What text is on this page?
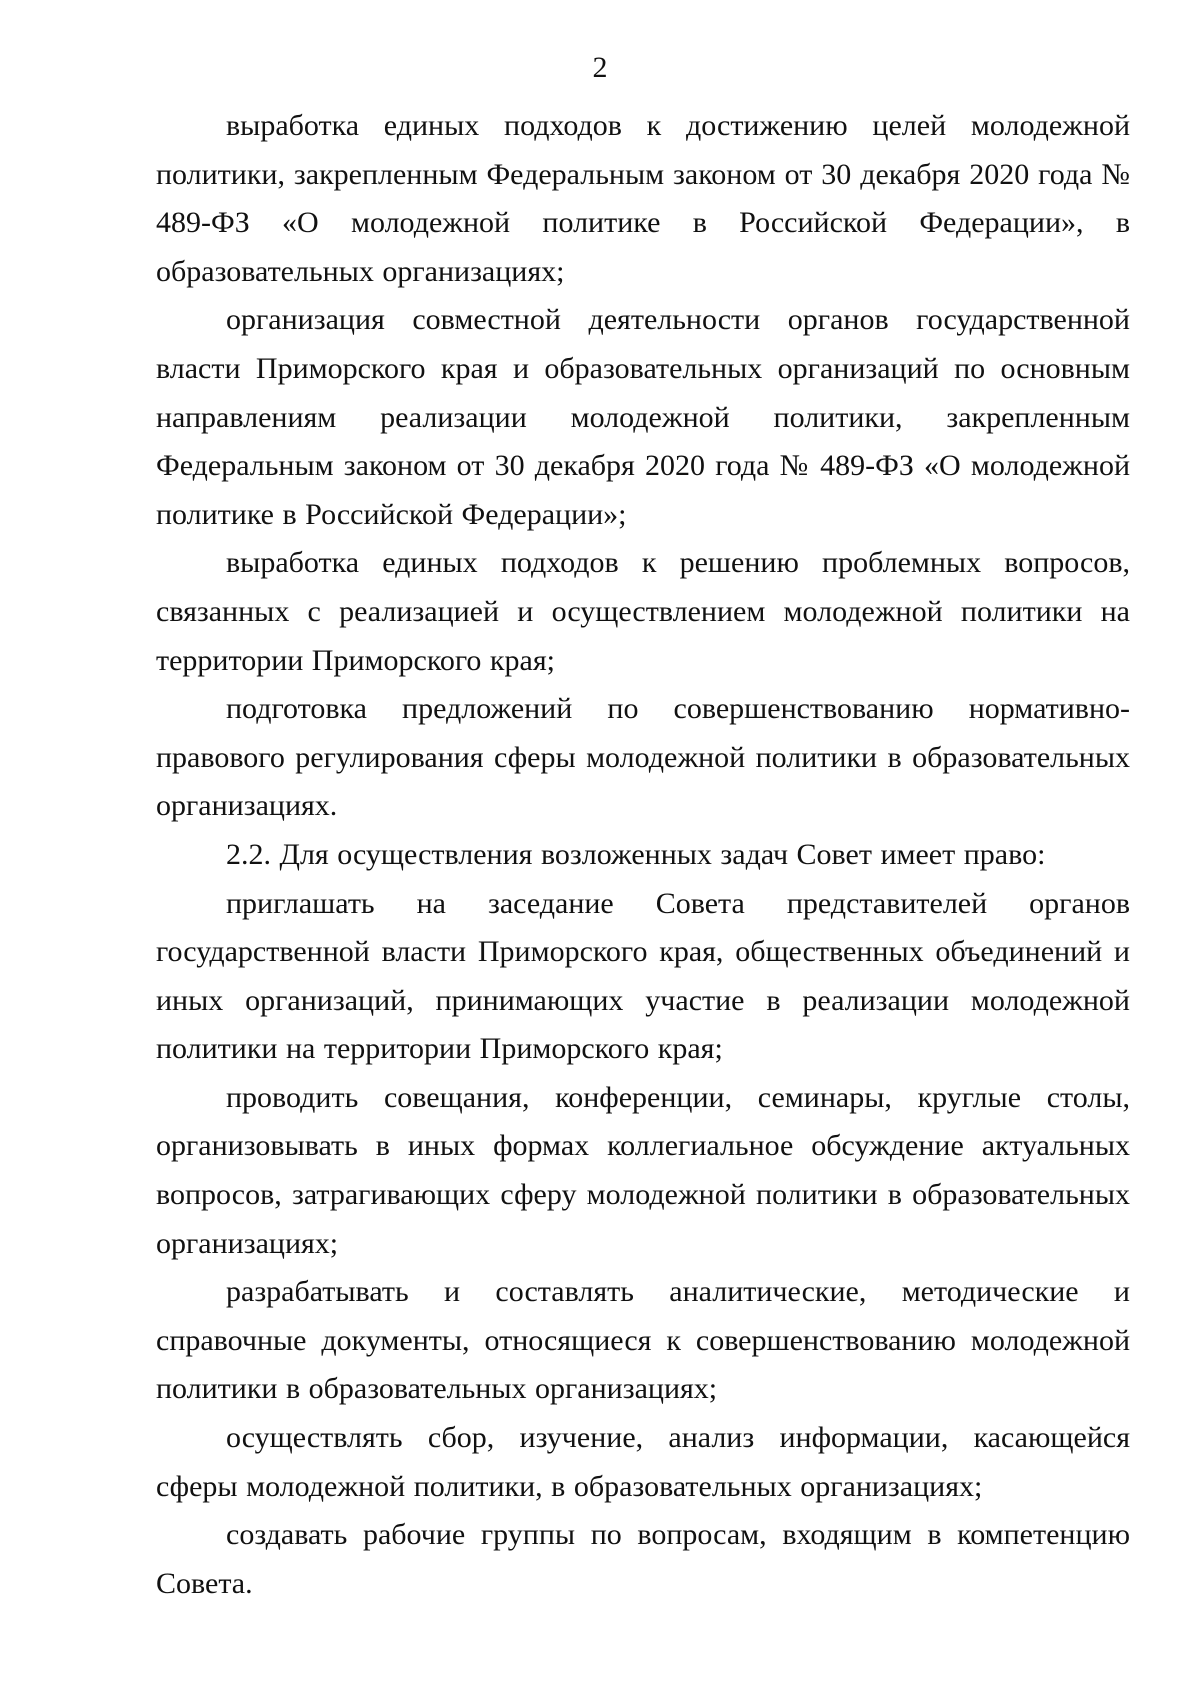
2

выработка единых подходов к достижению целей молодежной политики, закрепленным Федеральным законом от 30 декабря 2020 года № 489-ФЗ «О молодежной политике в Российской Федерации», в образовательных организациях;

организация совместной деятельности органов государственной власти Приморского края и образовательных организаций по основным направлениям реализации молодежной политики, закрепленным Федеральным законом от 30 декабря 2020 года № 489-ФЗ «О молодежной политике в Российской Федерации»;

выработка единых подходов к решению проблемных вопросов, связанных с реализацией и осуществлением молодежной политики на территории Приморского края;

подготовка предложений по совершенствованию нормативно-правового регулирования сферы молодежной политики в образовательных организациях.

2.2. Для осуществления возложенных задач Совет имеет право:

приглашать на заседание Совета представителей органов государственной власти Приморского края, общественных объединений и иных организаций, принимающих участие в реализации молодежной политики на территории Приморского края;

проводить совещания, конференции, семинары, круглые столы, организовывать в иных формах коллегиальное обсуждение актуальных вопросов, затрагивающих сферу молодежной политики в образовательных организациях;

разрабатывать и составлять аналитические, методические и справочные документы, относящиеся к совершенствованию молодежной политики в образовательных организациях;

осуществлять сбор, изучение, анализ информации, касающейся сферы молодежной политики, в образовательных организациях;

создавать рабочие группы по вопросам, входящим в компетенцию Совета.
